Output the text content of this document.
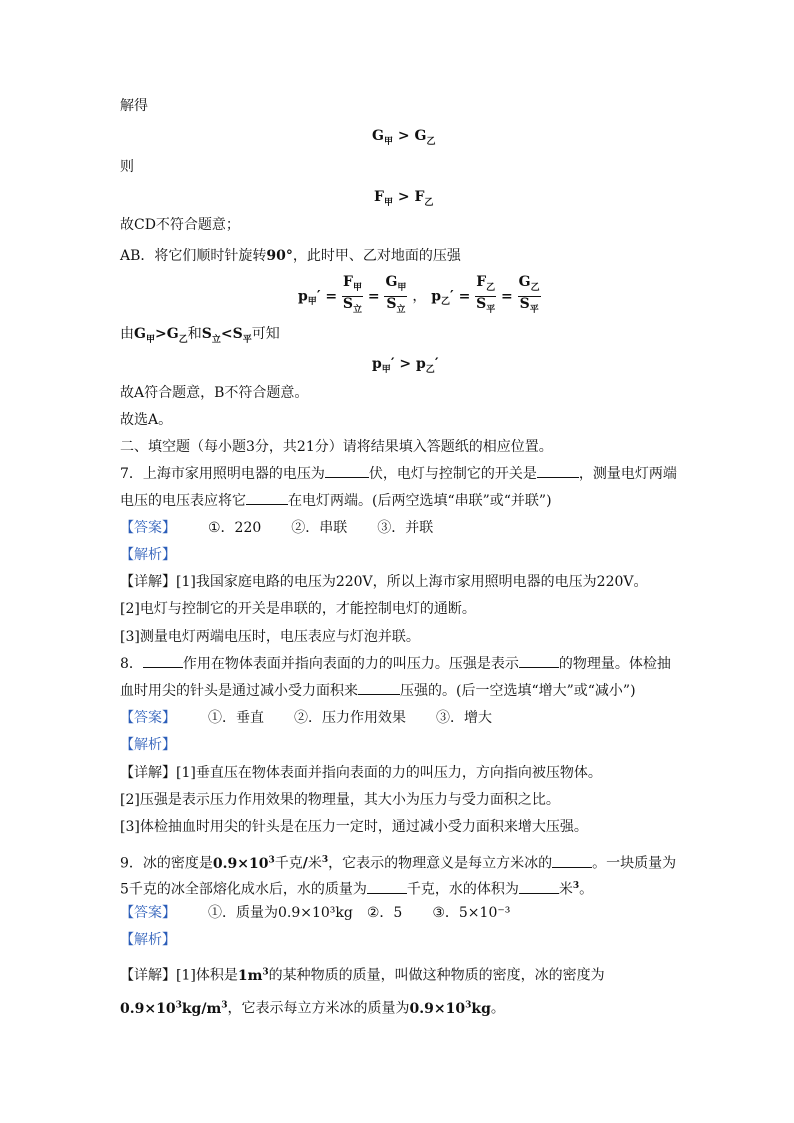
解得
$G_甲 > G_乙$
则
$F_甲 > F_乙$
故CD不符合题意；
AB．将它们顺时针旋转90°，此时甲、乙对地面的压强
$p_甲' = \frac{F_甲}{S_立} = \frac{G_甲}{S_立}$ ， $p_乙' = \frac{F_乙}{S_平} = \frac{G_乙}{S_平}$
由$G_甲>G_乙$和$S_立<S_平$可知
$p_甲' > p_乙'$
故A符合题意，B不符合题意。
故选A。
二、填空题（每小题3分，共21分）请将结果填入答题纸的相应位置。
7．上海市家用照明电器的电压为	伏，电灯与控制它的开关是	，测量电灯两端
电压的电压表应将它	在电灯两端。(后两空选填“串联”或“并联”)
【答案】 ①．220 ②．串联 ③．并联
【解析】
【详解】[1]我国家庭电路的电压为220V，所以上海市家用照明电器的电压为220V。
[2]电灯与控制它的开关是串联的，才能控制电灯的通断。
[3]测量电灯两端电压时，电压表应与灯泡并联。
8．	作用在物体表面并指向表面的力的叫压力。压强是表示	的物理量。体检抽
血时用尖的针头是通过减小受力面积来	压强的。(后一空选填“增大”或“减小”)
【答案】 ①．垂直 ②．压力作用效果 ③．增大
【解析】
【详解】[1]垂直压在物体表面并指向表面的力的叫压力，方向指向被压物体。
[2]压强是表示压力作用效果的物理量，其大小为压力与受力面积之比。
[3]体检抽血时用尖的针头是在压力一定时，通过减小受力面积来增大压强。
9．冰的密度是$0.9\times 10^3$千克/米$^3$，它表示的物理意义是每立方米冰的	。一块质量为
5千克的冰全部熔化成水后，水的质量为	千克，水的体积为	米$^3$。
【答案】 ①．质量为0.9×10³kg ②．5 ③．5×10⁻³
【解析】
【详解】[1]体积是$1m^3$的某种物质的质量，叫做这种物质的密度，冰的密度为
$0.9\times 10^3kg/m^3$，它表示每立方米冰的质量为$0.9\times 10^3kg$。
